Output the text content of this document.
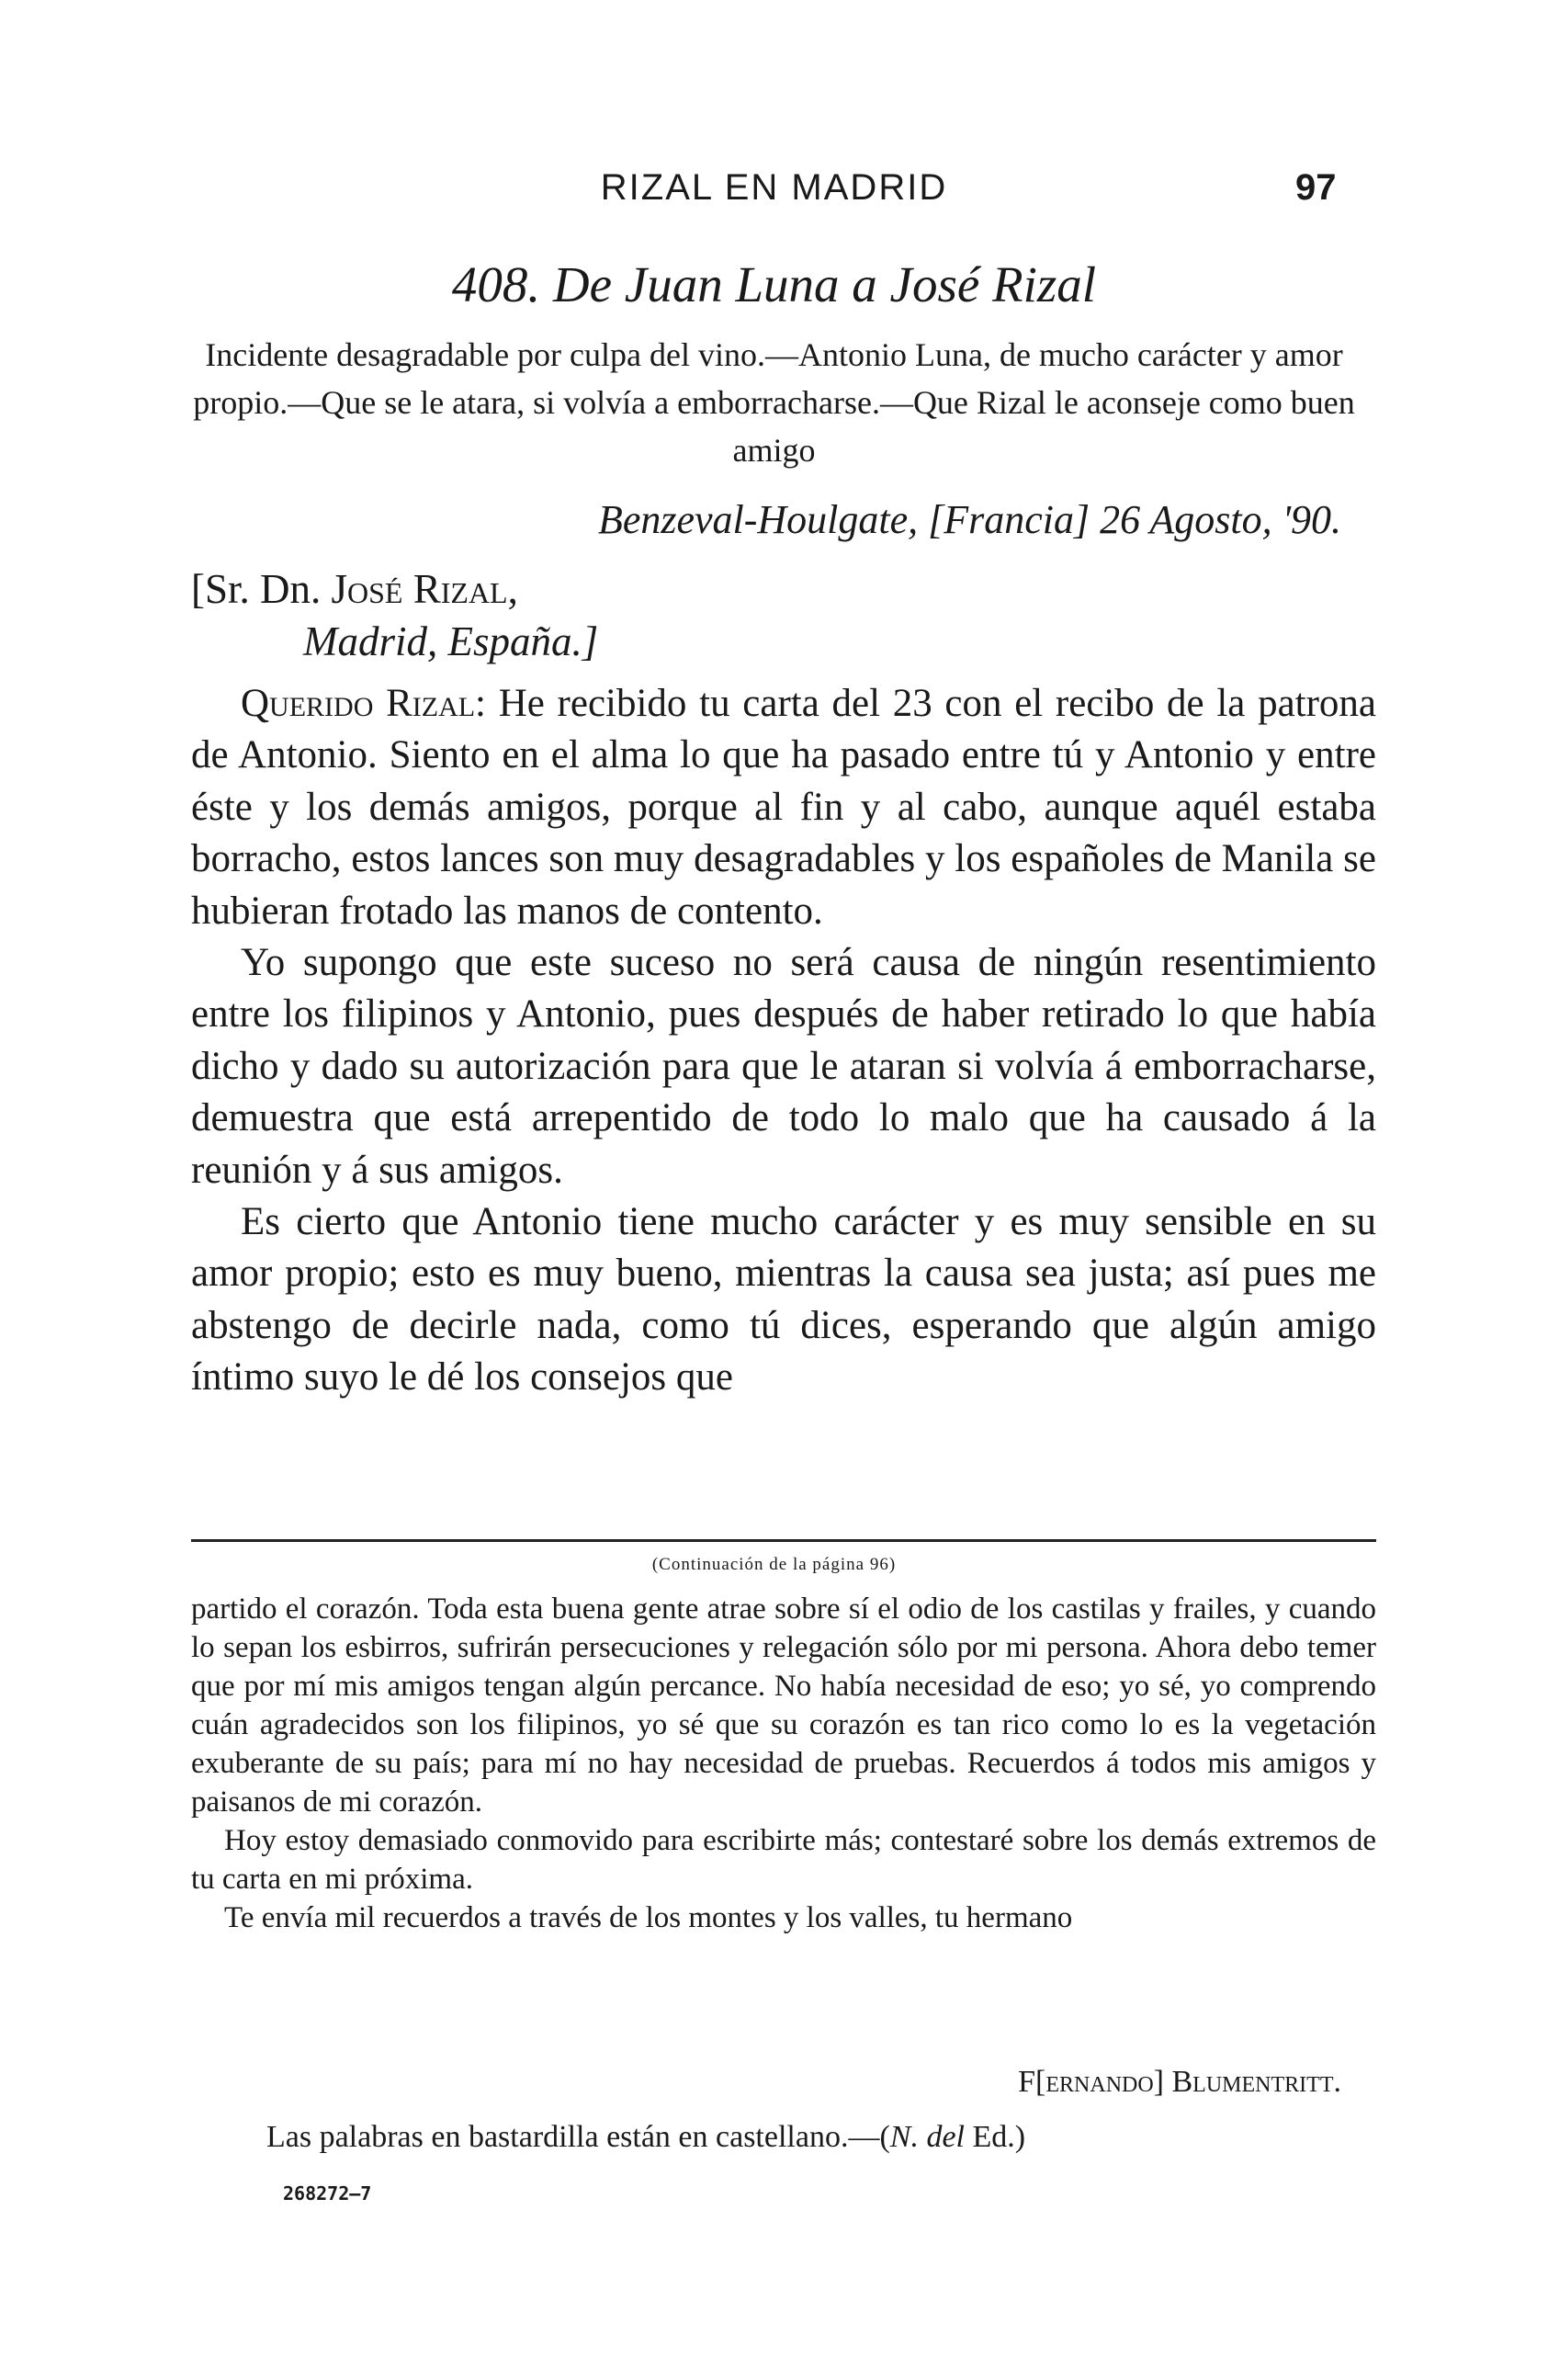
RIZAL EN MADRID	97
408. De Juan Luna a José Rizal
Incidente desagradable por culpa del vino.—Antonio Luna, de mucho carácter y amor propio.—Que se le atara, si volvía a emborracharse.—Que Rizal le aconseje como buen amigo
Benzeval-Houlgate, [Francia] 26 Agosto, '90.
[Sr. Dn. José Rizal,
Madrid, España.]

Querido Rizal: He recibido tu carta del 23 con el recibo de la patrona de Antonio. Siento en el alma lo que ha pasado entre tú y Antonio y entre éste y los demás amigos, porque al fin y al cabo, aunque aquél estaba borracho, estos lances son muy desagradables y los españoles de Manila se hubieran frotado las manos de contento.

Yo supongo que este suceso no será causa de ningún resentimiento entre los filipinos y Antonio, pues después de haber retirado lo que había dicho y dado su autorización para que le ataran si volvía á emborracharse, demuestra que está arrepentido de todo lo malo que ha causado á la reunión y á sus amigos.

Es cierto que Antonio tiene mucho carácter y es muy sensible en su amor propio; esto es muy bueno, mientras la causa sea justa; así pues me abstengo de decirle nada, como tú dices, esperando que algún amigo íntimo suyo le dé los consejos que

(Continuación de la página 96)

partido el corazón. Toda esta buena gente atrae sobre sí el odio de los castilas y frailes, y cuando lo sepan los esbirros, sufrirán persecuciones y relegación sólo por mi persona. Ahora debo temer que por mí mis amigos tengan algún percance. No había necesidad de eso; yo sé, yo comprendo cuán agradecidos son los filipinos, yo sé que su corazón es tan rico como lo es la vegetación exuberante de su país; para mí no hay necesidad de pruebas. Recuerdos á todos mis amigos y paisanos de mi corazón.

Hoy estoy demasiado conmovido para escribirte más; contestaré sobre los demás extremos de tu carta en mi próxima.

Te envía mil recuerdos a través de los montes y los valles, tu hermano

F[ernando] Blumentritt.
Las palabras en bastardilla están en castellano.—(N. del Ed.)
268272—7
